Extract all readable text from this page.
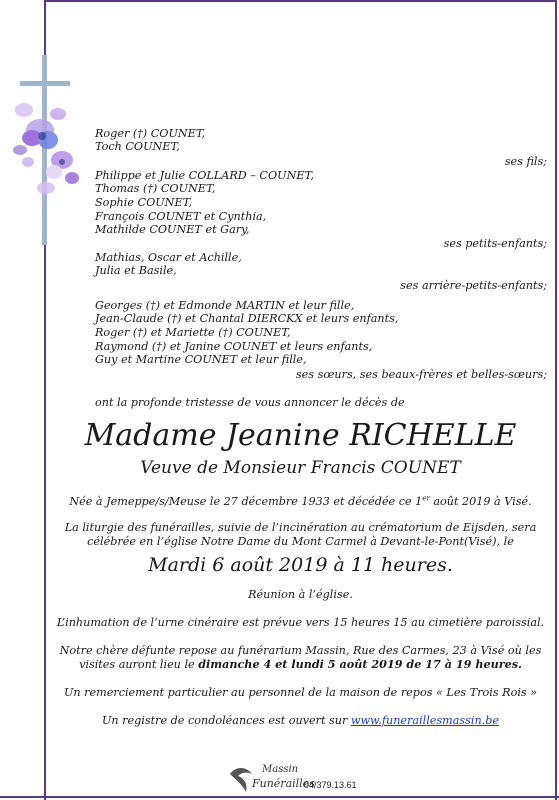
Roger (†) COUNET,
Toch COUNET,
ses fils;
Philippe et Julie COLLARD – COUNET,
Thomas (†) COUNET,
Sophie COUNET,
François COUNET et Cynthia,
Mathilde COUNET et Gary,
ses petits-enfants;
Mathias, Oscar et Achille,
Julia et Basile,
ses arrière-petits-enfants;
Georges (†) et Edmonde MARTIN et leur fille,
Jean-Claude (†) et Chantal DIERCKX et leurs enfants,
Roger (†) et Mariette (†) COUNET,
Raymond (†) et Janine COUNET et leurs enfants,
Guy et Martine COUNET et leur fille,
ses sœurs, ses beaux-frères et belles-sœurs;
ont la profonde tristesse de vous annoncer le décès de
Madame Jeanine RICHELLE
Veuve de Monsieur Francis COUNET
Née à Jemeppe/s/Meuse le 27 décembre 1933 et décédée ce 1er août 2019 à Visé.
La liturgie des funérailles, suivie de l’incinération au crématorium de Eijsden, sera
célébrée en l’église Notre Dame du Mont Carmel à Devant-le-Pont(Visé), le
Mardi 6 août 2019 à 11 heures.
Réunion à l’église.
L’inhumation de l’urne cinéraire est prévue vers 15 heures 15 au cimetière paroissial.
Notre chère défunte repose au funérarium Massin, Rue des Carmes, 23 à Visé où les
visites auront lieu le dimanche 4 et lundi 5 août 2019 de 17 à 19 heures.
Un remerciement particulier au personnel de la maison de repos « Les Trois Rois »
Un registre de condoléances est ouvert sur www.funeraillesmassin.be
Massin
Funérailles
04/379.13.61
